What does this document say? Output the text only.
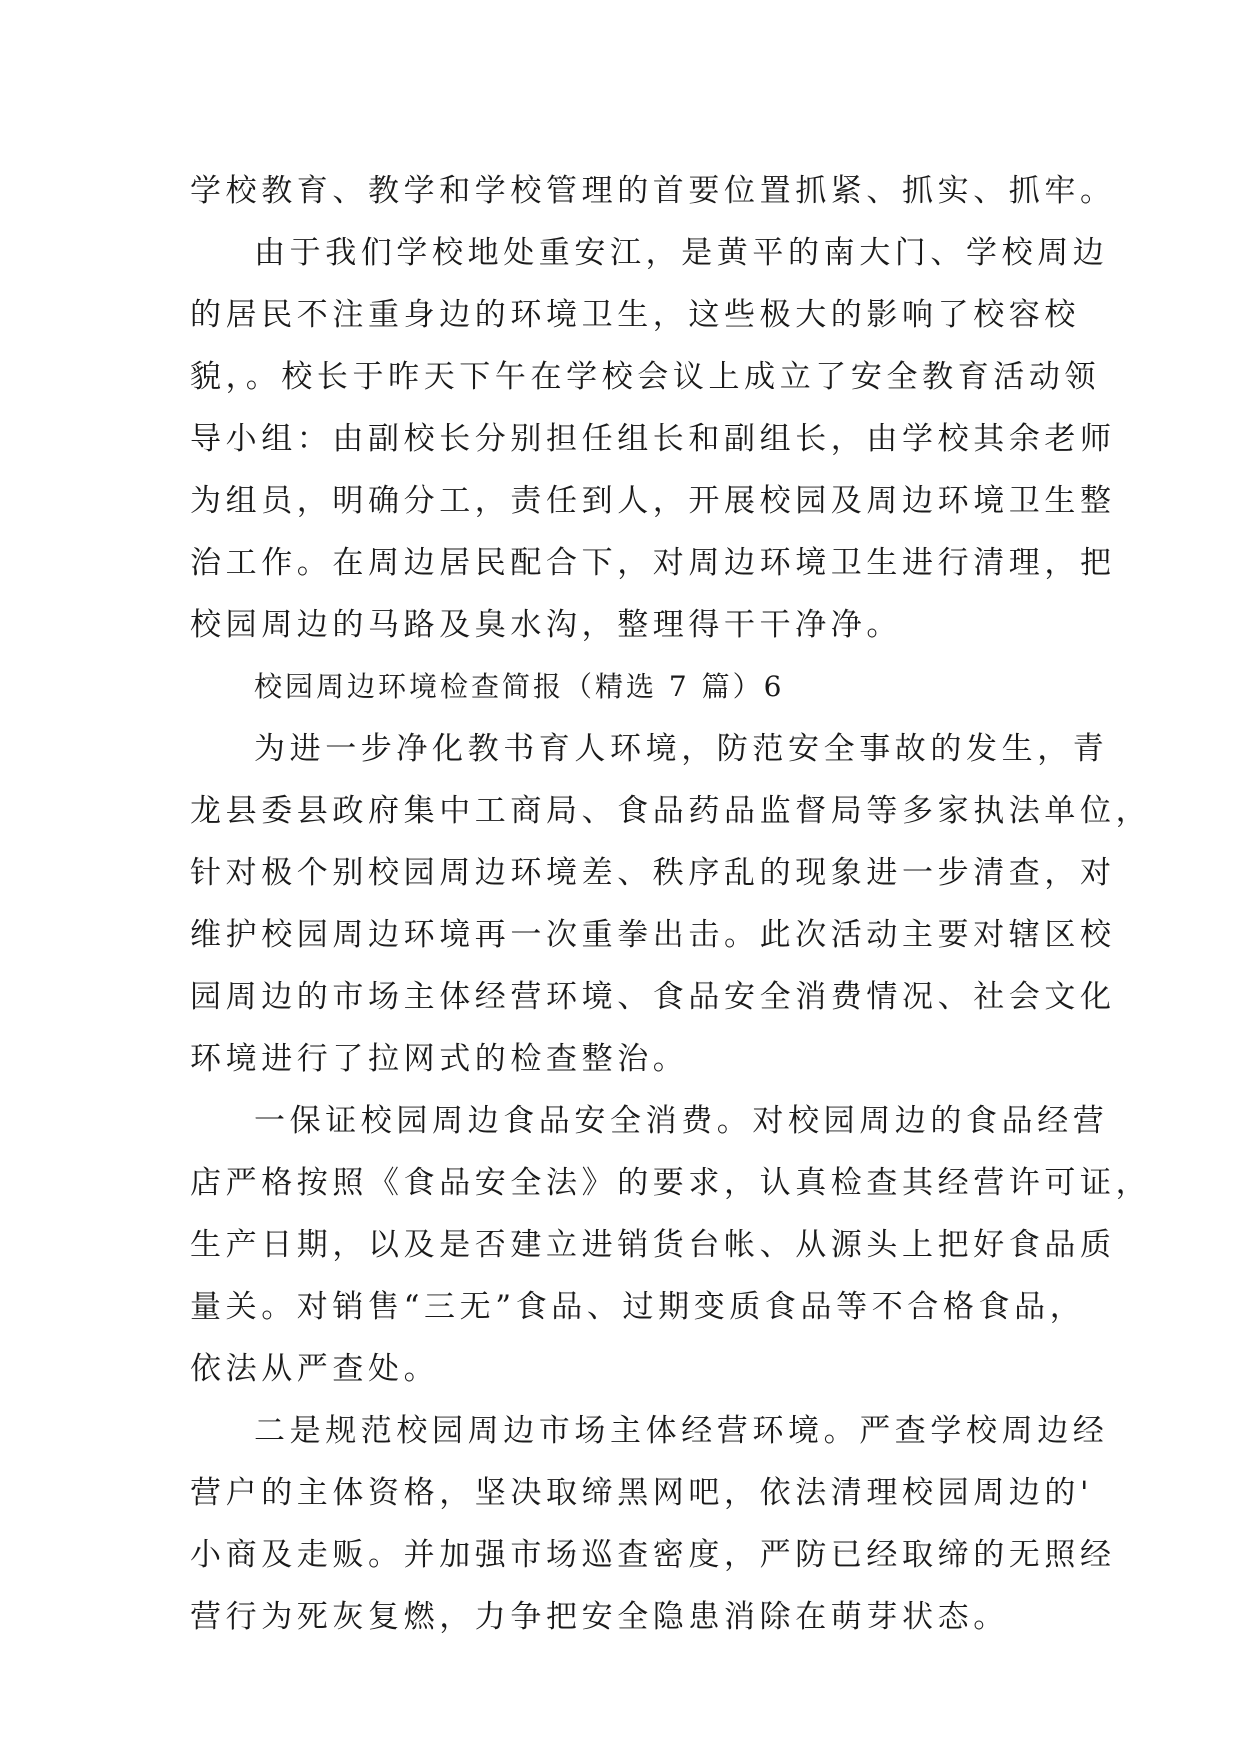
学校教育、教学和学校管理的首要位置抓紧、抓实、抓牢。
由于我们学校地处重安江，是黄平的南大门、学校周边
的居民不注重身边的环境卫生，这些极大的影响了校容校
貌，。校长于昨天下午在学校会议上成立了安全教育活动领
导小组：由副校长分别担任组长和副组长，由学校其余老师
为组员，明确分工，责任到人，开展校园及周边环境卫生整
治工作。在周边居民配合下，对周边环境卫生进行清理，把
校园周边的马路及臭水沟，整理得干干净净。
校园周边环境检查简报（精选 7 篇）6
为进一步净化教书育人环境，防范安全事故的发生，青
龙县委县政府集中工商局、食品药品监督局等多家执法单位，
针对极个别校园周边环境差、秩序乱的现象进一步清查，对
维护校园周边环境再一次重拳出击。此次活动主要对辖区校
园周边的市场主体经营环境、食品安全消费情况、社会文化
环境进行了拉网式的检查整治。
一保证校园周边食品安全消费。对校园周边的食品经营
店严格按照《食品安全法》的要求，认真检查其经营许可证，
生产日期，以及是否建立进销货台帐、从源头上把好食品质
量关。对销售“三无”食品、过期变质食品等不合格食品，
依法从严查处。
二是规范校园周边市场主体经营环境。严查学校周边经
营户的主体资格，坚决取缔黑网吧，依法清理校园周边的'
小商及走贩。并加强市场巡查密度，严防已经取缔的无照经
营行为死灰复燃，力争把安全隐患消除在萌芽状态。
